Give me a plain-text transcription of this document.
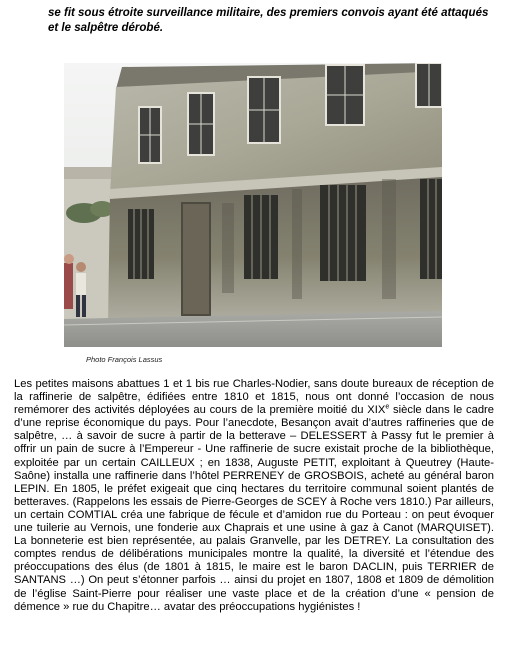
se fit sous étroite surveillance militaire, des premiers convois ayant été attaqués et le salpêtre dérobé.

Photo François Lassus

Les petites maisons abattues 1 et 1 bis rue Charles-Nodier, sans doute bureaux de réception de la raffinerie de salpêtre, édifiées entre 1810 et 1815, nous ont donné l’occasion de nous remémorer des activités déployées au cours de la première moitié du XIXe siècle dans le cadre d’une reprise économique du pays. Pour l’anecdote, Besançon avait d’autres raffineries que de salpêtre, … à savoir de sucre à partir de la betterave – DELESSERT à Passy fut le premier à offrir un pain de sucre à l’Empereur - Une raffinerie de sucre existait proche de la bibliothèque, exploitée par un certain CAILLEUX ; en 1838, Auguste PETIT, exploitant à Queutrey (Haute-Saône) installa une raffinerie dans l’hôtel PERRENEY de GROSBOIS, acheté au général baron LEPIN. En 1805, le préfet exigeait que cinq hectares du territoire communal soient plantés de betteraves. (Rappelons les essais de Pierre-Georges de SCEY à Roche vers 1810.) Par ailleurs, un certain COMTIAL créa une fabrique de fécule et d’amidon rue du Porteau : on peut évoquer une tuilerie au Vernois, une fonderie aux Chaprais et une usine à gaz à Canot (MARQUISET). La bonneterie est bien représentée, au palais Granvelle, par les DETREY. La consultation des comptes rendus de délibérations municipales montre la qualité, la diversité et l’étendue des préoccupations des élus (de 1801 à 1815, le maire est le baron DACLIN, puis TERRIER de SANTANS …) On peut s’étonner parfois … ainsi du projet en 1807, 1808 et 1809 de démolition de l’église Saint-Pierre pour réaliser une vaste place et de la création d’une « pension de démence » rue du Chapitre… avatar des préoccupations hygiénistes !
